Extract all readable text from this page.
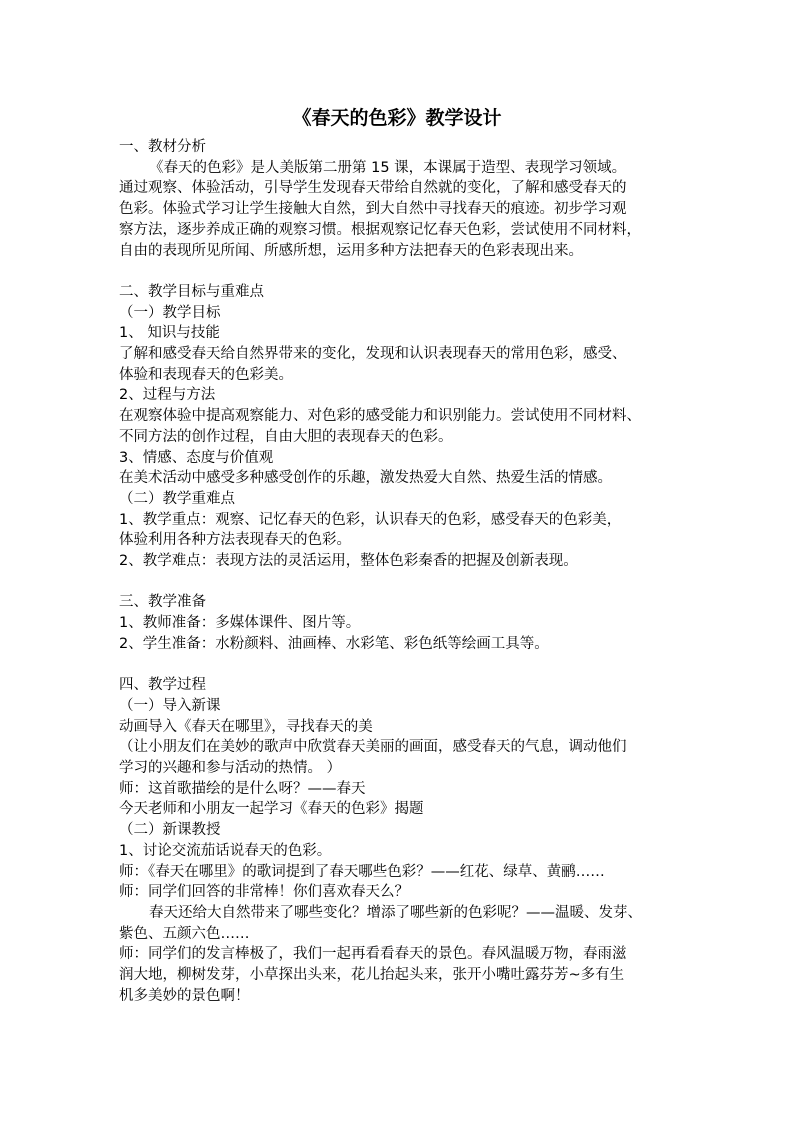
《春天的色彩》教学设计

一、教材分析

《春天的色彩》是人美版第二册第 15 课，本课属于造型、表现学习领域。

通过观察、体验活动，引导学生发现春天带给自然就的变化，了解和感受春天的

色彩。体验式学习让学生接触大自然，到大自然中寻找春天的痕迹。初步学习观

察方法，逐步养成正确的观察习惯。根据观察记忆春天色彩，尝试使用不同材料，

自由的表现所见所闻、所感所想，运用多种方法把春天的色彩表现出来。

二、教学目标与重难点

（一）教学目标

1、 知识与技能

了解和感受春天给自然界带来的变化，发现和认识表现春天的常用色彩，感受、

体验和表现春天的色彩美。

2、过程与方法

在观察体验中提高观察能力、对色彩的感受能力和识别能力。尝试使用不同材料、

不同方法的创作过程，自由大胆的表现春天的色彩。

3、情感、态度与价值观

在美术活动中感受多种感受创作的乐趣，激发热爱大自然、热爱生活的情感。

（二）教学重难点

1、教学重点：观察、记忆春天的色彩，认识春天的色彩，感受春天的色彩美，

体验利用各种方法表现春天的色彩。

2、教学难点：表现方法的灵活运用，整体色彩秦香的把握及创新表现。

三、教学准备

1、教师准备：多媒体课件、图片等。

2、学生准备：水粉颜料、油画棒、水彩笔、彩色纸等绘画工具等。

四、教学过程

（一）导入新课

动画导入《春天在哪里》，寻找春天的美

（让小朋友们在美妙的歌声中欣赏春天美丽的画面，感受春天的气息，调动他们

学习的兴趣和参与活动的热情。 ）

师：这首歌描绘的是什么呀？——春天

今天老师和小朋友一起学习《春天的色彩》揭题

（二）新课教授

1、讨论交流茄话说春天的色彩。

师：《春天在哪里》的歌词提到了春天哪些色彩？——红花、绿草、黄鹂……

师：同学们回答的非常棒！你们喜欢春天么？

春天还给大自然带来了哪些变化？增添了哪些新的色彩呢？——温暖、发芽、

紫色、五颜六色……

师：同学们的发言棒极了，我们一起再看看春天的景色。春风温暖万物，春雨滋

润大地，柳树发芽，小草探出头来，花儿抬起头来，张开小嘴吐露芬芳~多有生

机多美妙的景色啊！
